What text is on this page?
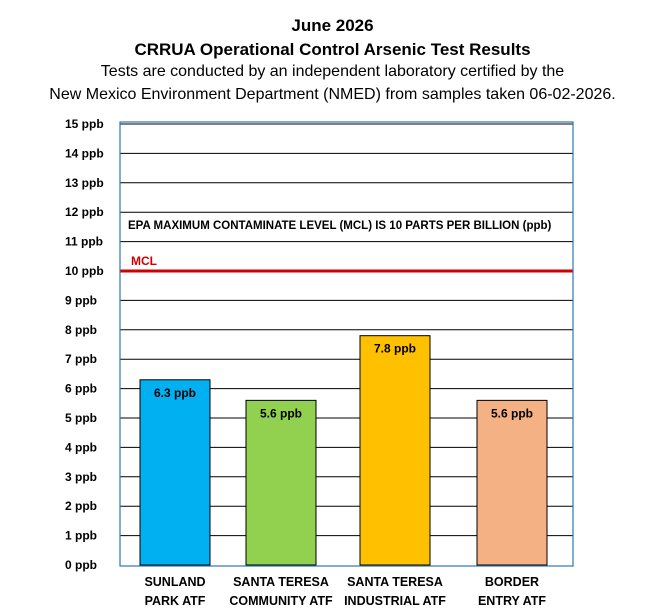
June 2026
CRRUA Operational Control Arsenic Test Results
Tests are conducted by an independent laboratory certified by the
New Mexico Environment Department (NMED) from samples taken 06-02-2026.
MCL
EPA MAXIMUM CONTAMINATE LEVEL (MCL) IS 10 PARTS PER BILLION (ppb)
6.3 ppb
5.6 ppb
7.8 ppb
5.6 ppb
0 ppb
1 ppb
2 ppb
3 ppb
4 ppb
5 ppb
6 ppb
7 ppb
8 ppb
9 ppb
10 ppb
11 ppb
12 ppb
13 ppb
14 ppb
15 ppb
SUNLAND PARK ATF
SANTA TERESA COMMUNITY ATF
SANTA TERESA INDUSTRIAL ATF
BORDER ENTRY ATF
